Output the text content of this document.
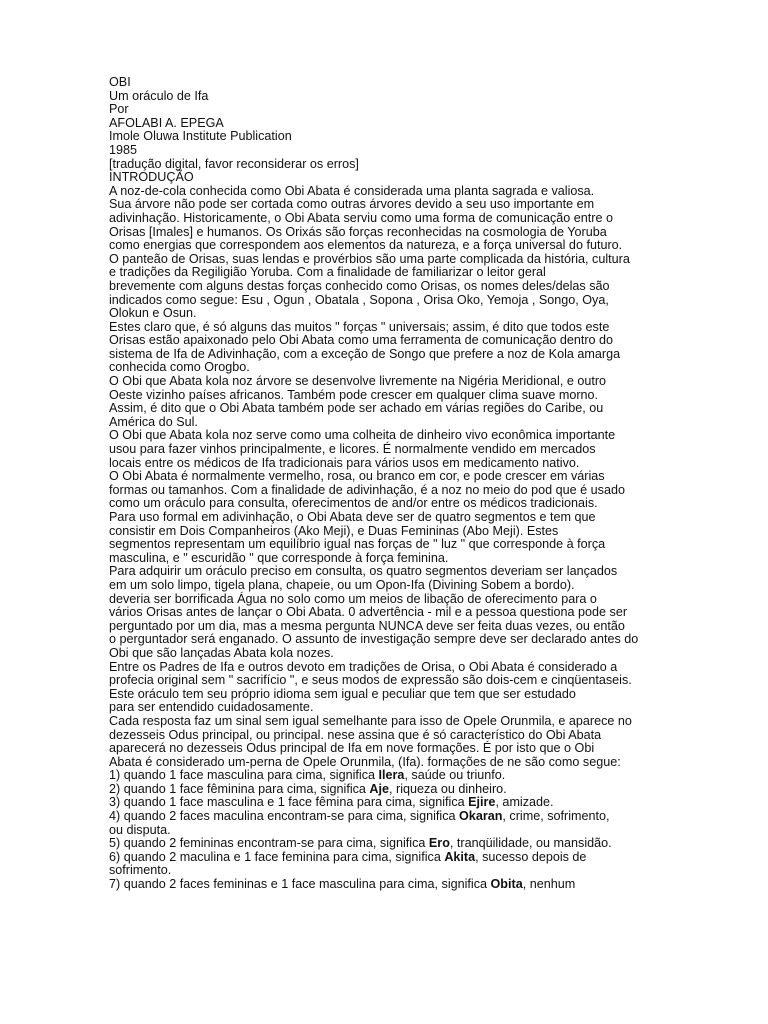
OBI
Um oráculo de Ifa
Por
AFOLABI A. EPEGA
Imole Oluwa Institute Publication
1985
[tradução digital, favor reconsiderar os erros]
INTRODUÇÃO
A noz-de-cola conhecida como Obi Abata é considerada uma planta sagrada e valiosa.
Sua árvore não pode ser cortada como outras árvores devido a seu uso importante em
adivinhação. Historicamente, o Obi Abata serviu como uma forma de comunicação entre o
Orisas [Imales] e humanos. Os Orixás são forças reconhecidas na cosmologia de Yoruba
como energias que correspondem aos elementos da natureza, e a força universal do futuro.
O panteão de Orisas, suas lendas e provérbios são uma parte complicada da história, cultura
e tradições da Regiligião Yoruba. Com a finalidade de familiarizar o leitor geral
brevemente com alguns destas forças conhecido como Orisas, os nomes deles/delas são
indicados como segue: Esu , Ogun , Obatala , Sopona , Orisa Oko, Yemoja , Songo, Oya,
Olokun e Osun.
Estes claro que, é só alguns das muitos " forças " universais; assim, é dito que todos este
Orisas estão apaixonado pelo Obi Abata como uma ferramenta de comunicação dentro do
sistema de Ifa de Adivinhação, com a exceção de Songo que prefere a noz de Kola amarga
conhecida como Orogbo.
O Obi que Abata kola noz árvore se desenvolve livremente na Nigéria Meridional, e outro
Oeste vizinho países africanos. Também pode crescer em qualquer clima suave morno.
Assim, é dito que o Obi Abata também pode ser achado em várias regiões do Caribe, ou
América do Sul.
O Obi que Abata kola noz serve como uma colheita de dinheiro vivo econômica importante
usou para fazer vinhos principalmente, e licores. É normalmente vendido em mercados
locais entre os médicos de Ifa tradicionais para vários usos em medicamento nativo.
O Obi Abata é normalmente vermelho, rosa, ou branco em cor, e pode crescer em várias
formas ou tamanhos. Com a finalidade de adivinhação, é a noz no meio do pod que é usado
como um oráculo para consulta, oferecimentos de and/or entre os médicos tradicionais.
Para uso formal em adivinhação, o Obi Abata deve ser de quatro segmentos e tem que
consistir em Dois Companheiros (Ako Meji), e Duas Femininas (Abo Meji). Estes
segmentos representam um equilíbrio igual nas forças de " luz " que corresponde à força
masculina, e " escuridão " que corresponde à força feminina.
Para adquirir um oráculo preciso em consulta, os quatro segmentos deveriam ser lançados
em um solo limpo, tigela plana, chapeie, ou um Opon-Ifa (Divining Sobem a bordo).
deveria ser borrificada Água no solo como um meios de libação de oferecimento para o
vários Orisas antes de lançar o Obi Abata. 0 advertência - mil e a pessoa questiona pode ser
perguntado por um dia, mas a mesma pergunta NUNCA deve ser feita duas vezes, ou então
o perguntador será enganado. O assunto de investigação sempre deve ser declarado antes do
Obi que são lançadas Abata kola nozes.
Entre os Padres de Ifa e outros devoto em tradições de Orisa, o Obi Abata é considerado a
profecia original sem " sacrifício ", e seus modos de expressão são dois-cem e cinqüentaseis.
Este oráculo tem seu próprio idioma sem igual e peculiar que tem que ser estudado
para ser entendido cuidadosamente.
Cada resposta faz um sinal sem igual semelhante para isso de Opele Orunmila, e aparece no
dezesseis Odus principal, ou principal. nese assina que é só característico do Obi Abata
aparecerá no dezesseis Odus principal de Ifa em nove formações. É por isto que o Obi
Abata é considerado um-perna de Opele Orunmila, (Ifa). formações de ne são como segue:
1) quando 1 face masculina para cima, significa Ilera, saúde ou triunfo.
2) quando 1 face fêminina para cima, significa Aje, riqueza ou dinheiro.
3) quando 1 face masculina e 1 face fêmina para cima, significa Ejire, amizade.
4) quando 2 faces maculina encontram-se para cima, significa Okaran, crime, sofrimento,
ou disputa.
5) quando 2 femininas encontram-se para cima, significa Ero, tranqüilidade, ou mansidão.
6) quando 2 maculina e 1 face feminina para cima, significa Akita, sucesso depois de
sofrimento.
7) quando 2 faces femininas e 1 face masculina para cima, significa Obita, nenhum
